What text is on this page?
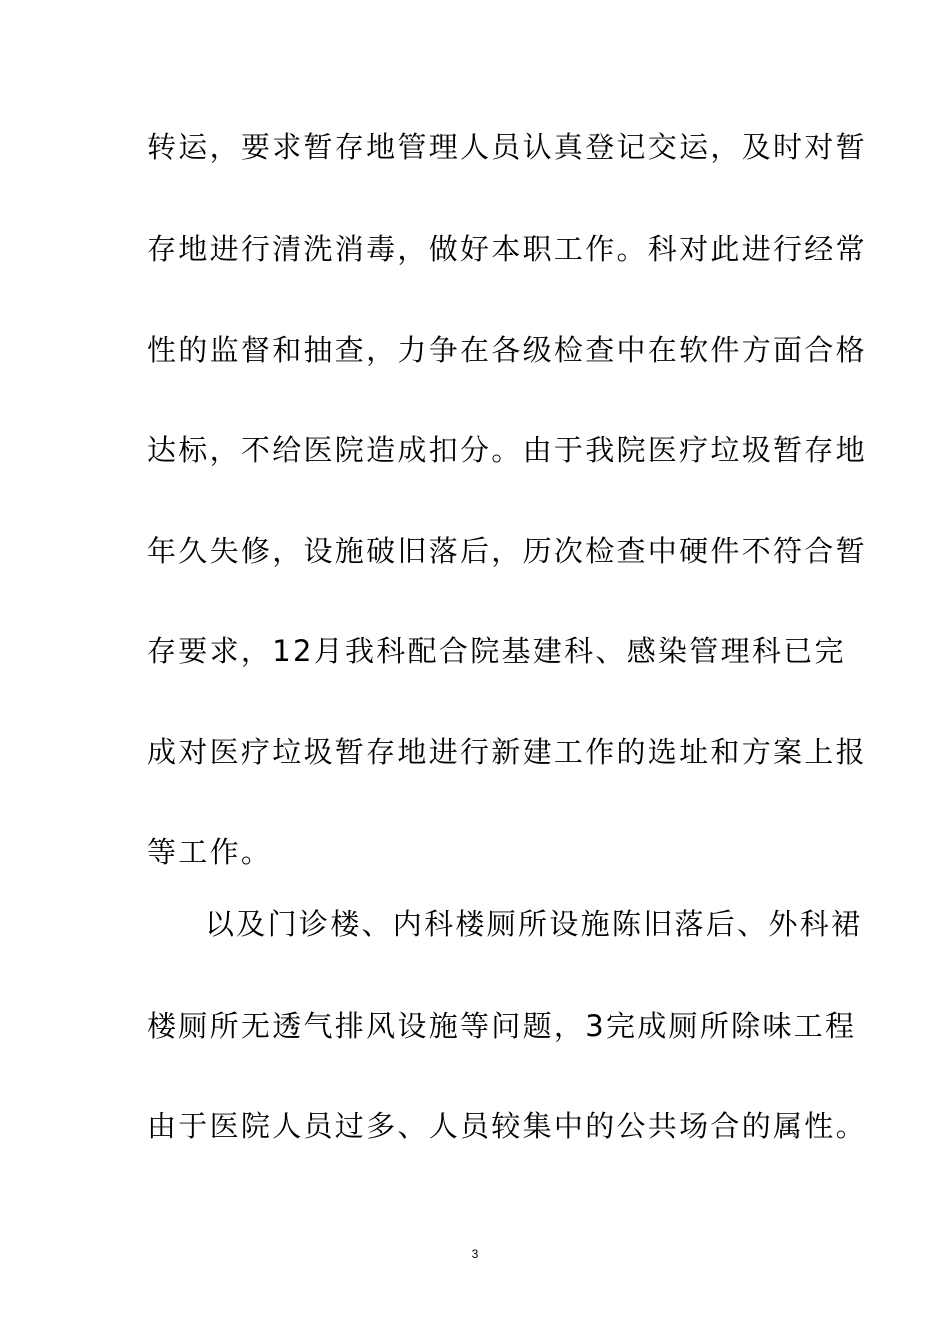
转运，要求暂存地管理人员认真登记交运，及时对暂
存地进行清洗消毒，做好本职工作。科对此进行经常
性的监督和抽查，力争在各级检查中在软件方面合格
达标，不给医院造成扣分。由于我院医疗垃圾暂存地
年久失修，设施破旧落后，历次检查中硬件不符合暂
存要求，12月我科配合院基建科、感染管理科已完
成对医疗垃圾暂存地进行新建工作的选址和方案上报
等工作。
以及门诊楼、内科楼厕所设施陈旧落后、外科裙
楼厕所无透气排风设施等问题，3完成厕所除味工程
由于医院人员过多、人员较集中的公共场合的属性。
3
